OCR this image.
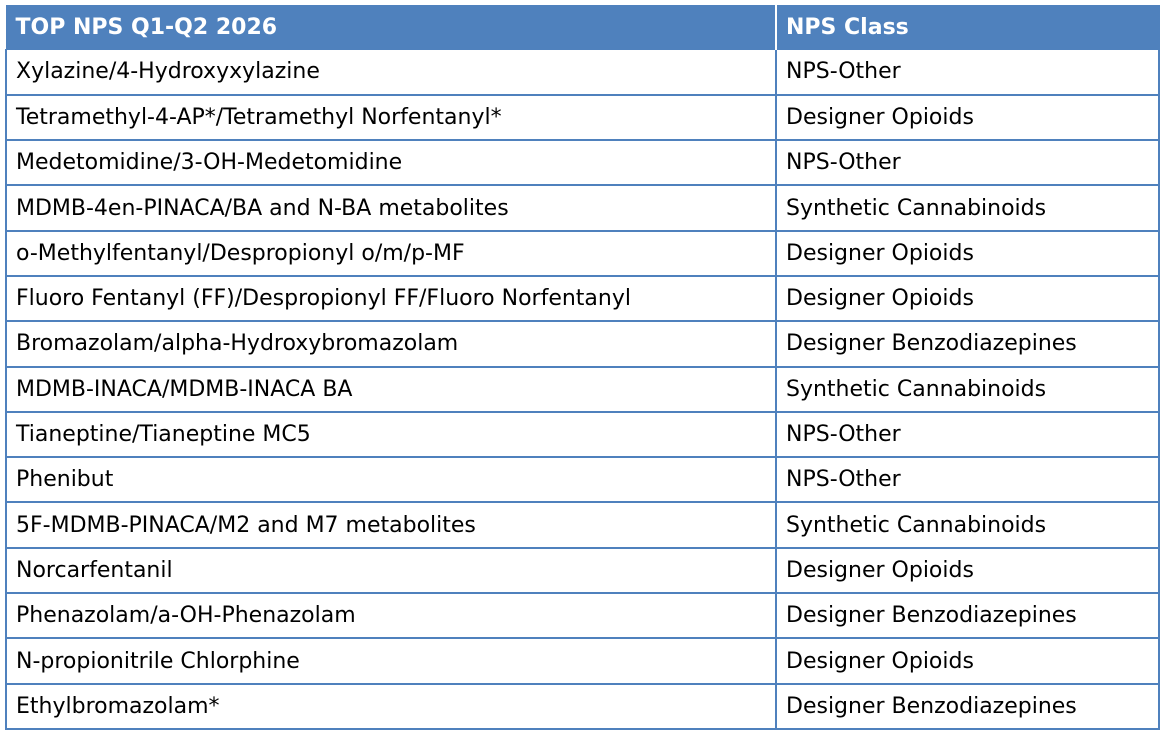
TOP NPS Q1-Q2 2026	NPS Class
Xylazine/4-Hydroxyxylazine	NPS-Other
Tetramethyl-4-AP*/Tetramethyl Norfentanyl*	Designer Opioids
Medetomidine/3-OH-Medetomidine	NPS-Other
MDMB-4en-PINACA/BA and N-BA metabolites	Synthetic Cannabinoids
o-Methylfentanyl/Despropionyl o/m/p-MF	Designer Opioids
Fluoro Fentanyl (FF)/Despropionyl FF/Fluoro Norfentanyl	Designer Opioids
Bromazolam/alpha-Hydroxybromazolam	Designer Benzodiazepines
MDMB-INACA/MDMB-INACA BA	Synthetic Cannabinoids
Tianeptine/Tianeptine MC5	NPS-Other
Phenibut	NPS-Other
5F-MDMB-PINACA/M2 and M7 metabolites	Synthetic Cannabinoids
Norcarfentanil	Designer Opioids
Phenazolam/a-OH-Phenazolam	Designer Benzodiazepines
N-propionitrile Chlorphine	Designer Opioids
Ethylbromazolam*	Designer Benzodiazepines
